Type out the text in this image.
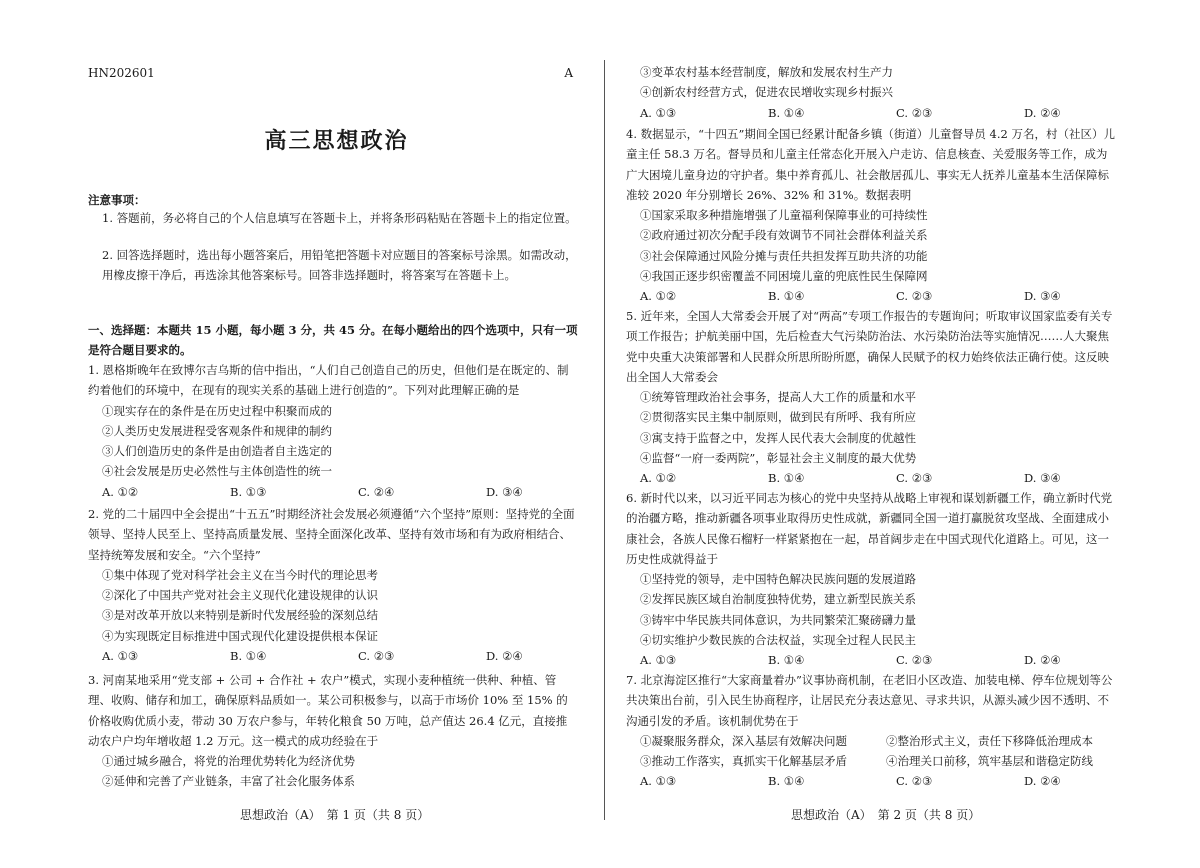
HN202601	A
高三思想政治
注意事项：
1. 答题前，务必将自己的个人信息填写在答题卡上，并将条形码粘贴在答题卡上的指定位置。
2. 回答选择题时，选出每小题答案后，用铅笔把答题卡对应题目的答案标号涂黑。如需改动，用橡皮擦干净后，再选涂其他答案标号。回答非选择题时，将答案写在答题卡上。
一、选择题：本题共 15 小题，每小题 3 分，共 45 分。在每小题给出的四个选项中，只有一项是符合题目要求的。
1. 恩格斯晚年在致博尔吉乌斯的信中指出，“人们自己创造自己的历史，但他们是在既定的、制约着他们的环境中，在现有的现实关系的基础上进行创造的”。下列对此理解正确的是
①现实存在的条件是在历史过程中积聚而成的
②人类历史发展进程受客观条件和规律的制约
③人们创造历史的条件是由创造者自主选定的
④社会发展是历史必然性与主体创造性的统一
A. ①②	B. ①③	C. ②④	D. ③④
2. 党的二十届四中全会提出“十五五”时期经济社会发展必须遵循“六个坚持”原则：坚持党的全面领导、坚持人民至上、坚持高质量发展、坚持全面深化改革、坚持有效市场和有为政府相结合、坚持统筹发展和安全。“六个坚持”
①集中体现了党对科学社会主义在当今时代的理论思考
②深化了中国共产党对社会主义现代化建设规律的认识
③是对改革开放以来特别是新时代发展经验的深刻总结
④为实现既定目标推进中国式现代化建设提供根本保证
A. ①③	B. ①④	C. ②③	D. ②④
3. 河南某地采用“党支部 + 公司 + 合作社 + 农户”模式，实现小麦种植统一供种、种植、管理、收购、储存和加工，确保原料品质如一。某公司积极参与，以高于市场价 10% 至 15% 的价格收购优质小麦，带动 30 万农户参与，年转化粮食 50 万吨，总产值达 26.4 亿元，直接推动农户户均年增收超 1.2 万元。这一模式的成功经验在于
①通过城乡融合，将党的治理优势转化为经济优势
②延伸和完善了产业链条，丰富了社会化服务体系
思想政治（A）　第 1 页（共 8 页）
③变革农村基本经营制度，解放和发展农村生产力
④创新农村经营方式，促进农民增收实现乡村振兴
A. ①③	B. ①④	C. ②③	D. ②④
4. 数据显示，“十四五”期间全国已经累计配备乡镇（街道）儿童督导员 4.2 万名，村（社区）儿童主任 58.3 万名。督导员和儿童主任常态化开展入户走访、信息核查、关爱服务等工作，成为广大困境儿童身边的守护者。集中养育孤儿、社会散居孤儿、事实无人抚养儿童基本生活保障标准较 2020 年分别增长 26%、32% 和 31%。数据表明
①国家采取多种措施增强了儿童福利保障事业的可持续性
②政府通过初次分配手段有效调节不同社会群体利益关系
③社会保障通过风险分摊与责任共担发挥互助共济的功能
④我国正逐步织密覆盖不同困境儿童的兜底性民生保障网
A. ①②	B. ①④	C. ②③	D. ③④
5. 近年来，全国人大常委会开展了对“两高”专项工作报告的专题询问；听取审议国家监委有关专项工作报告；护航美丽中国，先后检查大气污染防治法、水污染防治法等实施情况……人大聚焦党中央重大决策部署和人民群众所思所盼所愿，确保人民赋予的权力始终依法正确行使。这反映出全国人大常委会
①统筹管理政治社会事务，提高人大工作的质量和水平
②贯彻落实民主集中制原则，做到民有所呼、我有所应
③寓支持于监督之中，发挥人民代表大会制度的优越性
④监督“一府一委两院”，彰显社会主义制度的最大优势
A. ①②	B. ①④	C. ②③	D. ③④
6. 新时代以来，以习近平同志为核心的党中央坚持从战略上审视和谋划新疆工作，确立新时代党的治疆方略，推动新疆各项事业取得历史性成就，新疆同全国一道打赢脱贫攻坚战、全面建成小康社会，各族人民像石榴籽一样紧紧抱在一起，昂首阔步走在中国式现代化道路上。可见，这一历史性成就得益于
①坚持党的领导，走中国特色解决民族问题的发展道路
②发挥民族区域自治制度独特优势，建立新型民族关系
③铸牢中华民族共同体意识，为共同繁荣汇聚磅礴力量
④切实维护少数民族的合法权益，实现全过程人民民主
A. ①③	B. ①④	C. ②③	D. ②④
7. 北京海淀区推行“大家商量着办”议事协商机制，在老旧小区改造、加装电梯、停车位规划等公共决策出台前，引入民生协商程序，让居民充分表达意见、寻求共识，从源头减少因不透明、不沟通引发的矛盾。该机制优势在于
①凝聚服务群众，深入基层有效解决问题	②整治形式主义，责任下移降低治理成本
③推动工作落实，真抓实干化解基层矛盾	④治理关口前移，筑牢基层和谐稳定防线
A. ①③	B. ①④	C. ②③	D. ②④
思想政治（A）　第 2 页（共 8 页）
